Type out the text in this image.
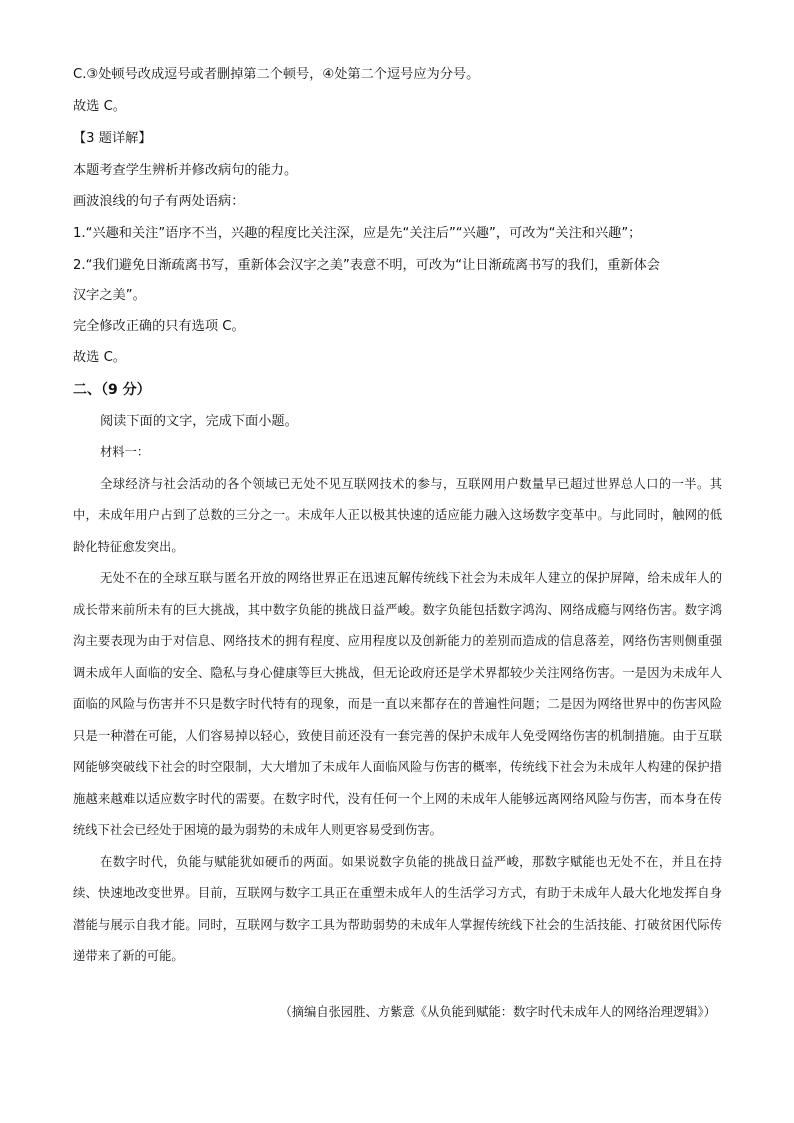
C.③处顿号改成逗号或者删掉第二个顿号，④处第二个逗号应为分号。
故选 C。
【3 题详解】
本题考查学生辨析并修改病句的能力。
画波浪线的句子有两处语病：
1.“兴趣和关注”语序不当，兴趣的程度比关注深，应是先“关注后”“兴趣”，可改为“关注和兴趣”；
2.“我们避免日渐疏离书写，重新体会汉字之美”表意不明，可改为“让日渐疏离书写的我们，重新体会
汉字之美”。
完全修改正确的只有选项 C。
故选 C。
二、（9 分）
阅读下面的文字，完成下面小题。

材料一：

全球经济与社会活动的各个领域已无处不见互联网技术的参与，互联网用户数量早已超过世界总人口的一半。其中，未成年用户占到了总数的三分之一。未成年人正以极其快速的适应能力融入这场数字变革中。与此同时，触网的低龄化特征愈发突出。

无处不在的全球互联与匿名开放的网络世界正在迅速瓦解传统线下社会为未成年人建立的保护屏障，给未成年人的成长带来前所未有的巨大挑战，其中数字负能的挑战日益严峻。数字负能包括数字鸿沟、网络成瘾与网络伤害。数字鸿沟主要表现为由于对信息、网络技术的拥有程度、应用程度以及创新能力的差别而造成的信息落差，网络伤害则侧重强调未成年人面临的安全、隐私与身心健康等巨大挑战，但无论政府还是学术界都较少关注网络伤害。一是因为未成年人面临的风险与伤害并不只是数字时代特有的现象，而是一直以来都存在的普遍性问题；二是因为网络世界中的伤害风险只是一种潜在可能，人们容易掉以轻心，致使目前还没有一套完善的保护未成年人免受网络伤害的机制措施。由于互联网能够突破线下社会的时空限制，大大增加了未成年人面临风险与伤害的概率，传统线下社会为未成年人构建的保护措施越来越难以适应数字时代的需要。在数字时代，没有任何一个上网的未成年人能够远离网络风险与伤害，而本身在传统线下社会已经处于困境的最为弱势的未成年人则更容易受到伤害。

在数字时代，负能与赋能犹如硬币的两面。如果说数字负能的挑战日益严峻，那数字赋能也无处不在，并且在持续、快速地改变世界。目前，互联网与数字工具正在重塑未成年人的生活学习方式，有助于未成年人最大化地发挥自身潜能与展示自我才能。同时，互联网与数字工具为帮助弱势的未成年人掌握传统线下社会的生活技能、打破贫困代际传递带来了新的可能。

（摘编自张园胜、方紫意《从负能到赋能：数字时代未成年人的网络治理逻辑》）
